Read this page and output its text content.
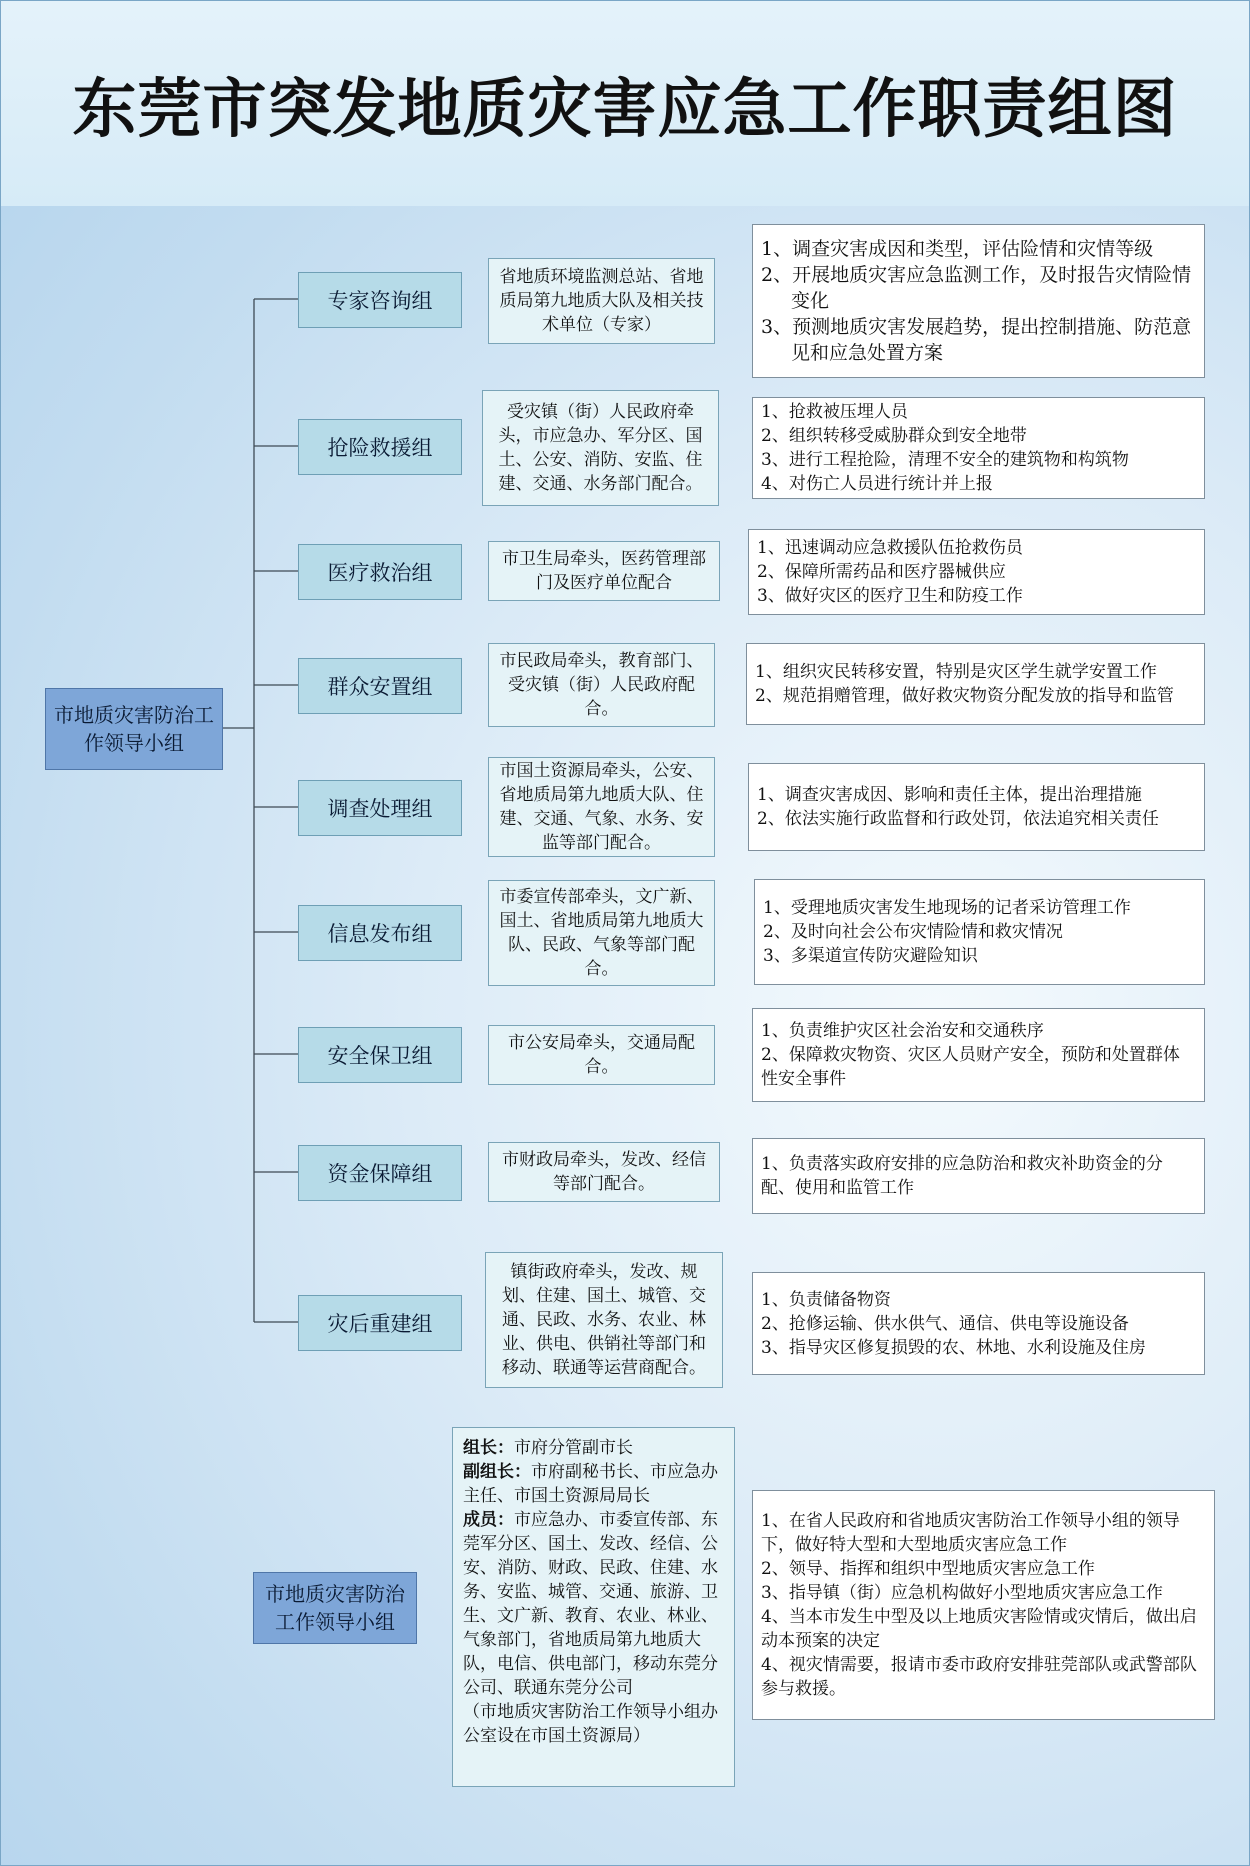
东莞市突发地质灾害应急工作职责组图
市地质灾害防治工作领导小组
专家咨询组
省地质环境监测总站、省地质局第九地质大队及相关技术单位（专家）
1、调查灾害成因和类型，评估险情和灾情等级
2、开展地质灾害应急监测工作，及时报告灾情险情变化
3、预测地质灾害发展趋势，提出控制措施、防范意见和应急处置方案
抢险救援组
受灾镇（街）人民政府牵头，市应急办、军分区、国土、公安、消防、安监、住建、交通、水务部门配合。
1、抢救被压埋人员
2、组织转移受威胁群众到安全地带
3、进行工程抢险，清理不安全的建筑物和构筑物
4、对伤亡人员进行统计并上报
医疗救治组
市卫生局牵头，医药管理部门及医疗单位配合
1、迅速调动应急救援队伍抢救伤员
2、保障所需药品和医疗器械供应
3、做好灾区的医疗卫生和防疫工作
群众安置组
市民政局牵头，教育部门、受灾镇（街）人民政府配合。
1、组织灾民转移安置，特别是灾区学生就学安置工作
2、规范捐赠管理，做好救灾物资分配发放的指导和监管
调查处理组
市国土资源局牵头，公安、省地质局第九地质大队、住建、交通、气象、水务、安监等部门配合。
1、调查灾害成因、影响和责任主体，提出治理措施
2、依法实施行政监督和行政处罚，依法追究相关责任
信息发布组
市委宣传部牵头，文广新、国土、省地质局第九地质大队、民政、气象等部门配合。
1、受理地质灾害发生地现场的记者采访管理工作
2、及时向社会公布灾情险情和救灾情况
3、多渠道宣传防灾避险知识
安全保卫组
市公安局牵头，交通局配合。
1、负责维护灾区社会治安和交通秩序
2、保障救灾物资、灾区人员财产安全，预防和处置群体性安全事件
资金保障组
市财政局牵头，发改、经信等部门配合。
1、负责落实政府安排的应急防治和救灾补助资金的分配、使用和监管工作
灾后重建组
镇街政府牵头，发改、规划、住建、国土、城管、交通、民政、水务、农业、林业、供电、供销社等部门和移动、联通等运营商配合。
1、负责储备物资
2、抢修运输、供水供气、通信、供电等设施设备
3、指导灾区修复损毁的农、林地、水利设施及住房
市地质灾害防治工作领导小组
组长：市府分管副市长
副组长：市府副秘书长、市应急办主任、市国土资源局局长
成员：市应急办、市委宣传部、东莞军分区、国土、发改、经信、公安、消防、财政、民政、住建、水务、安监、城管、交通、旅游、卫生、文广新、教育、农业、林业、气象部门，省地质局第九地质大队，电信、供电部门，移动东莞分公司、联通东莞分公司
（市地质灾害防治工作领导小组办公室设在市国土资源局）
1、在省人民政府和省地质灾害防治工作领导小组的领导下，做好特大型和大型地质灾害应急工作
2、领导、指挥和组织中型地质灾害应急工作
3、指导镇（街）应急机构做好小型地质灾害应急工作
4、当本市发生中型及以上地质灾害险情或灾情后，做出启动本预案的决定
4、视灾情需要，报请市委市政府安排驻莞部队或武警部队参与救援。
